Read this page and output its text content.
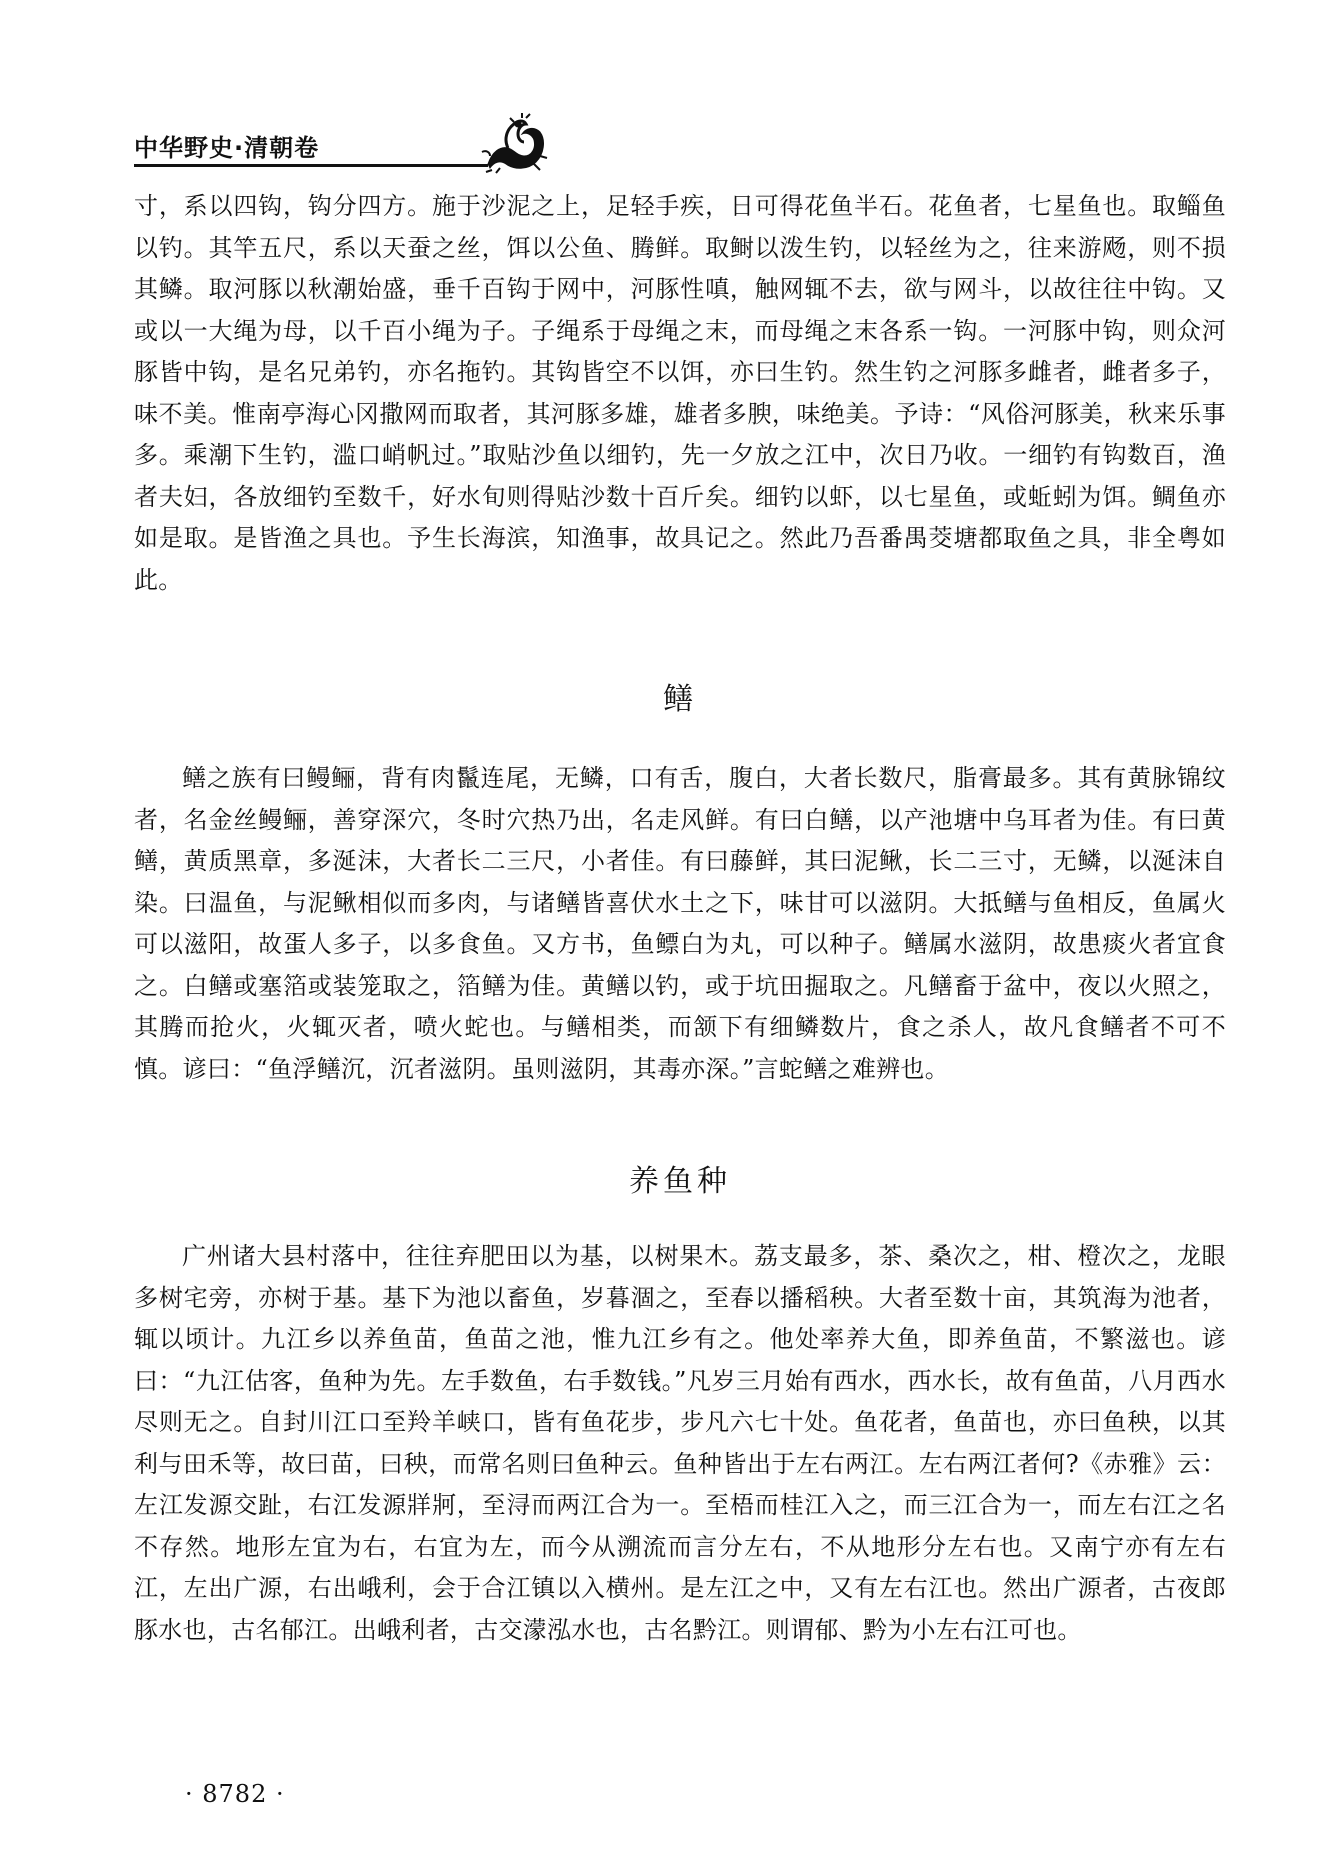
中华野史·清朝卷
寸，系以四钩，钩分四方。施于沙泥之上，足轻手疾，日可得花鱼半石。花鱼者，七星鱼也。取鲻鱼以钓。其竿五尺，系以天蚕之丝，饵以公鱼、腾鲜。取鲥以泼生钓，以轻丝为之，往来游飏，则不损其鳞。取河豚以秋潮始盛，垂千百钩于网中，河豚性嗔，触网辄不去，欲与网斗，以故往往中钩。又或以一大绳为母，以千百小绳为子。子绳系于母绳之末，而母绳之末各系一钩。一河豚中钩，则众河豚皆中钩，是名兄弟钓，亦名拖钓。其钩皆空不以饵，亦曰生钓。然生钓之河豚多雌者，雌者多子，味不美。惟南亭海心冈撒网而取者，其河豚多雄，雄者多腴，味绝美。予诗：“风俗河豚美，秋来乐事多。乘潮下生钓，滥口峭帆过。”取贴沙鱼以细钓，先一夕放之江中，次日乃收。一细钓有钩数百，渔者夫妇，各放细钓至数千，好水旬则得贴沙数十百斤矣。细钓以虾，以七星鱼，或蚯蚓为饵。鲷鱼亦如是取。是皆渔之具也。予生长海滨，知渔事，故具记之。然此乃吾番禺茭塘都取鱼之具，非全粤如此。
鳝
鳝之族有曰鳗鲡，背有肉鬣连尾，无鳞，口有舌，腹白，大者长数尺，脂膏最多。其有黄脉锦纹者，名金丝鳗鲡，善穿深穴，冬时穴热乃出，名走风鲜。有曰白鳝，以产池塘中乌耳者为佳。有曰黄鳝，黄质黑章，多涎沫，大者长二三尺，小者佳。有曰藤鲜，其曰泥鳅，长二三寸，无鳞，以涎沫自染。曰温鱼，与泥鳅相似而多肉，与诸鳝皆喜伏水土之下，味甘可以滋阴。大抵鳝与鱼相反，鱼属火可以滋阳，故蛋人多子，以多食鱼。又方书，鱼鳔白为丸，可以种子。鳝属水滋阴，故患痰火者宜食之。白鳝或塞箔或装笼取之，箔鳝为佳。黄鳝以钓，或于坑田掘取之。凡鳝畜于盆中，夜以火照之，其腾而抢火，火辄灭者，喷火蛇也。与鳝相类，而颔下有细鳞数片，食之杀人，故凡食鳝者不可不慎。谚曰：“鱼浮鳝沉，沉者滋阴。虽则滋阴，其毒亦深。”言蛇鳝之难辨也。
养鱼种
广州诸大县村落中，往往弃肥田以为基，以树果木。荔支最多，茶、桑次之，柑、橙次之，龙眼多树宅旁，亦树于基。基下为池以畜鱼，岁暮涸之，至春以播稻秧。大者至数十亩，其筑海为池者，辄以顷计。九江乡以养鱼苗，鱼苗之池，惟九江乡有之。他处率养大鱼，即养鱼苗，不繁滋也。谚曰：“九江估客，鱼种为先。左手数鱼，右手数钱。”凡岁三月始有西水，西水长，故有鱼苗，八月西水尽则无之。自封川江口至羚羊峡口，皆有鱼花步，步凡六七十处。鱼花者，鱼苗也，亦曰鱼秧，以其利与田禾等，故曰苗，曰秧，而常名则曰鱼种云。鱼种皆出于左右两江。左右两江者何?《赤雅》云：左江发源交趾，右江发源牂牁，至浔而两江合为一。至梧而桂江入之，而三江合为一，而左右江之名不存然。地形左宜为右，右宜为左，而今从溯流而言分左右，不从地形分左右也。又南宁亦有左右江，左出广源，右出峨利，会于合江镇以入横州。是左江之中，又有左右江也。然出广源者，古夜郎豚水也，古名郁江。出峨利者，古交濛泓水也，古名黔江。则谓郁、黔为小左右江可也。
· 8782 ·
